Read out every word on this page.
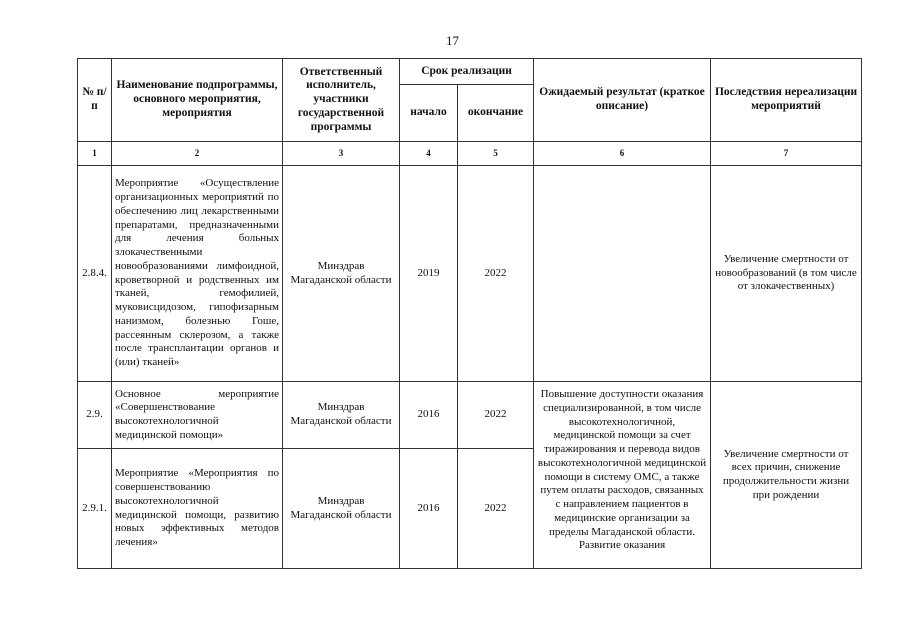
17
№ п/п	Наименование подпрограммы, основного мероприятия, мероприятия	Ответственный исполнитель, участники государственной программы	Срок реализации		Ожидаемый результат (краткое описание)	Последствия нереализации мероприятий
			начало	окончание		
1	2	3	4	5	6	7
2.8.4.	Мероприятие «Осуществление организационных мероприятий по обеспечению лиц лекарственными препаратами, предназначенными для лечения больных злокачественными новообразованиями лимфоидной, кроветворной и родственных им тканей, гемофилией, муковисцидозом, гипофизарным нанизмом, болезнью Гоше, рассеянным склерозом, а также после трансплантации органов и (или) тканей»	Минздрав Магаданской области	2019	2022		Увеличение смертности от новообразований (в том числе от злокачественных)
2.9.	Основное мероприятие «Совершенствование высокотехнологичной медицинской помощи»	Минздрав Магаданской области	2016	2022	Повышение доступности оказания специализированной, в том числе высокотехнологичной, медицинской помощи за счет тиражирования и перевода видов высокотехнологичной медицинской помощи в систему ОМС, а также путем оплаты расходов, связанных с направлением пациентов в медицинские организации за пределы Магаданской области. Развитие оказания	Увеличение смертности от всех причин, снижение продолжительности жизни при рождении
2.9.1.	Мероприятие «Мероприятия по совершенствованию высокотехнологичной медицинской помощи, развитию новых эффективных методов лечения»	Минздрав Магаданской области	2016	2022		
